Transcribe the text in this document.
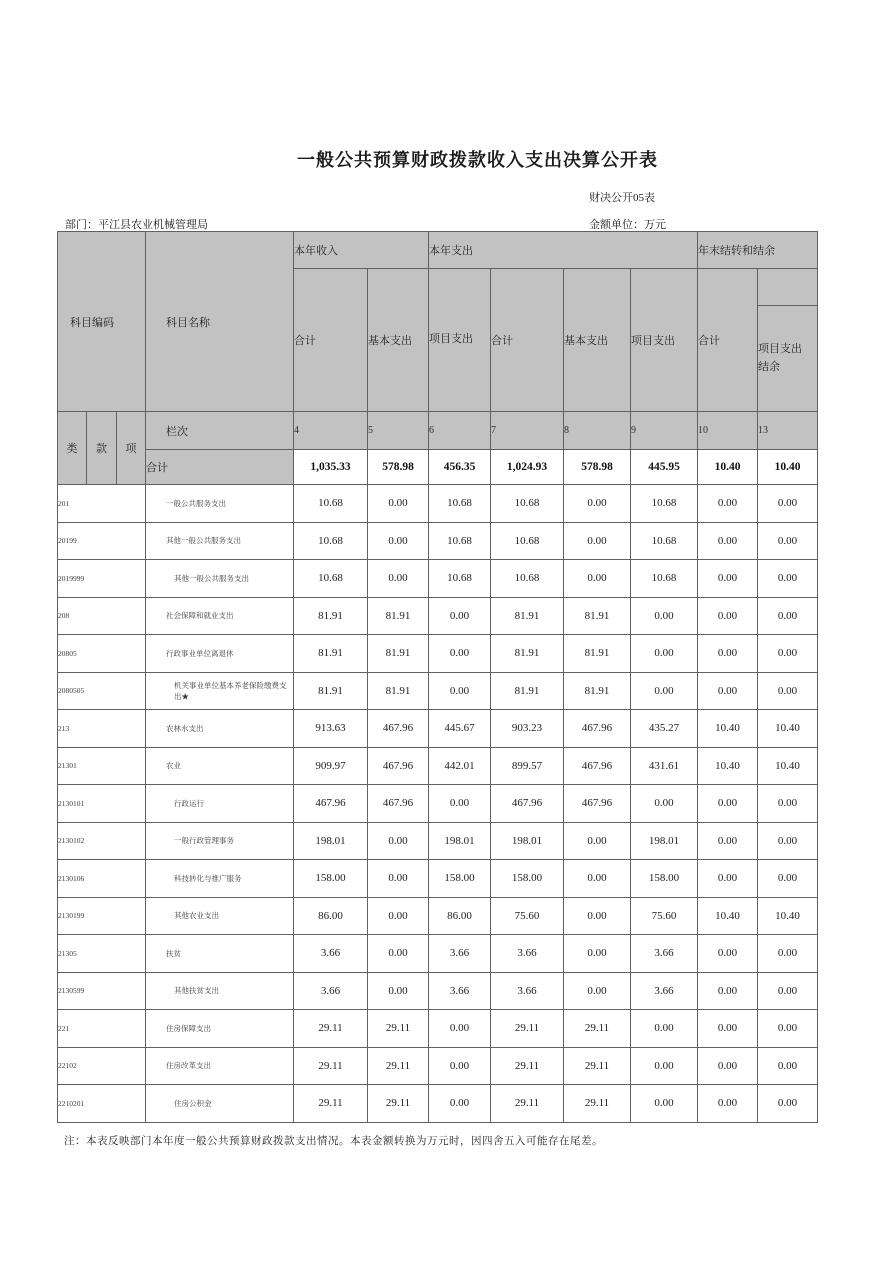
一般公共预算财政拨款收入支出决算公开表
财决公开05表
部门：平江县农业机械管理局	金额单位：万元
科目编码			科目名称	本年收入		本年支出				年末结转和结余	
				合计	基本支出	项目支出	合计	基本支出	项目支出	合计	
											项目支出结余
类	款	项	栏次	4	5	6	7	8	9	10	13
			合计	1,035.33	578.98	456.35	1,024.93	578.98	445.95	10.40	10.40
201			一般公共服务支出	10.68	0.00	10.68	10.68	0.00	10.68	0.00	0.00
20199			其他一般公共服务支出	10.68	0.00	10.68	10.68	0.00	10.68	0.00	0.00
2019999			其他一般公共服务支出	10.68	0.00	10.68	10.68	0.00	10.68	0.00	0.00
208			社会保障和就业支出	81.91	81.91	0.00	81.91	81.91	0.00	0.00	0.00
20805			行政事业单位离退休	81.91	81.91	0.00	81.91	81.91	0.00	0.00	0.00
2080505			机关事业单位基本养老保险缴费支出★	81.91	81.91	0.00	81.91	81.91	0.00	0.00	0.00
213			农林水支出	913.63	467.96	445.67	903.23	467.96	435.27	10.40	10.40
21301			农业	909.97	467.96	442.01	899.57	467.96	431.61	10.40	10.40
2130101			行政运行	467.96	467.96	0.00	467.96	467.96	0.00	0.00	0.00
2130102			一般行政管理事务	198.01	0.00	198.01	198.01	0.00	198.01	0.00	0.00
2130106			科技转化与推广服务	158.00	0.00	158.00	158.00	0.00	158.00	0.00	0.00
2130199			其他农业支出	86.00	0.00	86.00	75.60	0.00	75.60	10.40	10.40
21305			扶贫	3.66	0.00	3.66	3.66	0.00	3.66	0.00	0.00
2130599			其他扶贫支出	3.66	0.00	3.66	3.66	0.00	3.66	0.00	0.00
221			住房保障支出	29.11	29.11	0.00	29.11	29.11	0.00	0.00	0.00
22102			住房改革支出	29.11	29.11	0.00	29.11	29.11	0.00	0.00	0.00
2210201			住房公积金	29.11	29.11	0.00	29.11	29.11	0.00	0.00	0.00
注：本表反映部门本年度一般公共预算财政拨款支出情况。本表金额转换为万元时，因四舍五入可能存在尾差。
